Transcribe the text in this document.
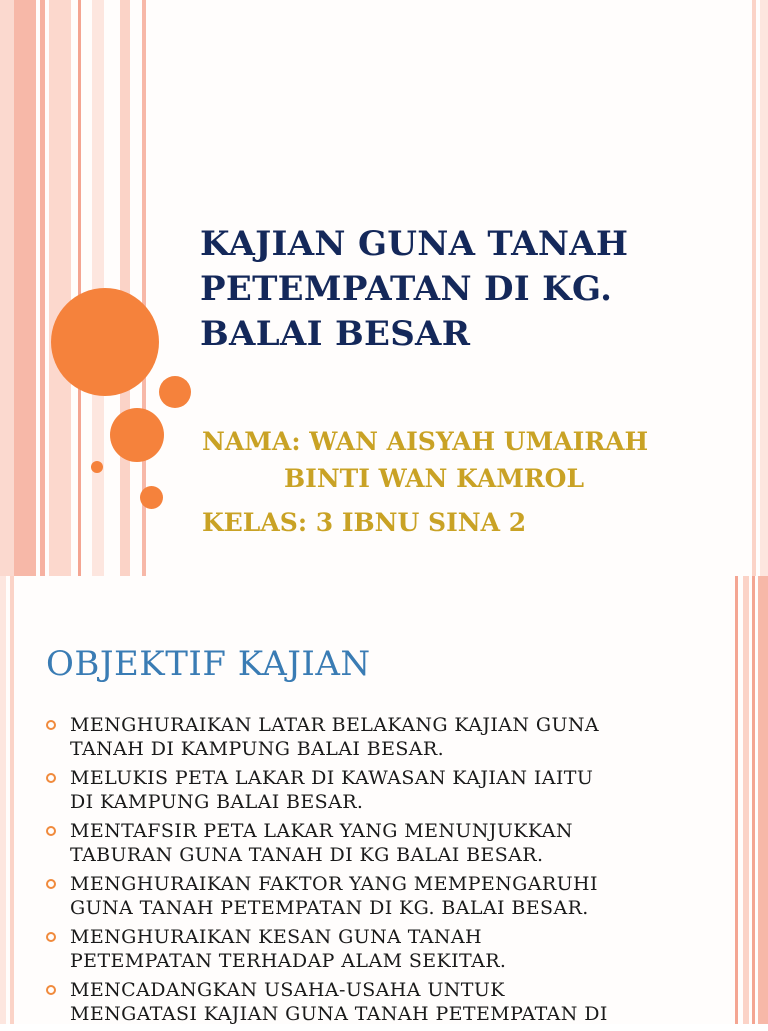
KAJIAN GUNA TANAH
PETEMPATAN DI KG.
BALAI BESAR

NAMA: WAN AISYAH UMAIRAH

BINTI WAN KAMROL

KELAS: 3 IBNU SINA 2

OBJEKTIF KAJIAN
MENGHURAIKAN LATAR BELAKANG KAJIAN GUNA
TANAH DI KAMPUNG BALAI BESAR.
MELUKIS PETA LAKAR DI KAWASAN KAJIAN IAITU
DI KAMPUNG BALAI BESAR.
MENTAFSIR PETA LAKAR YANG MENUNJUKKAN
TABURAN GUNA TANAH DI KG BALAI BESAR.
MENGHURAIKAN FAKTOR YANG MEMPENGARUHI
GUNA TANAH PETEMPATAN DI KG. BALAI BESAR.
MENGHURAIKAN KESAN GUNA TANAH
PETEMPATAN TERHADAP ALAM SEKITAR.
MENCADANGKAN USAHA-USAHA UNTUK
MENGATASI KAJIAN GUNA TANAH PETEMPATAN DI
